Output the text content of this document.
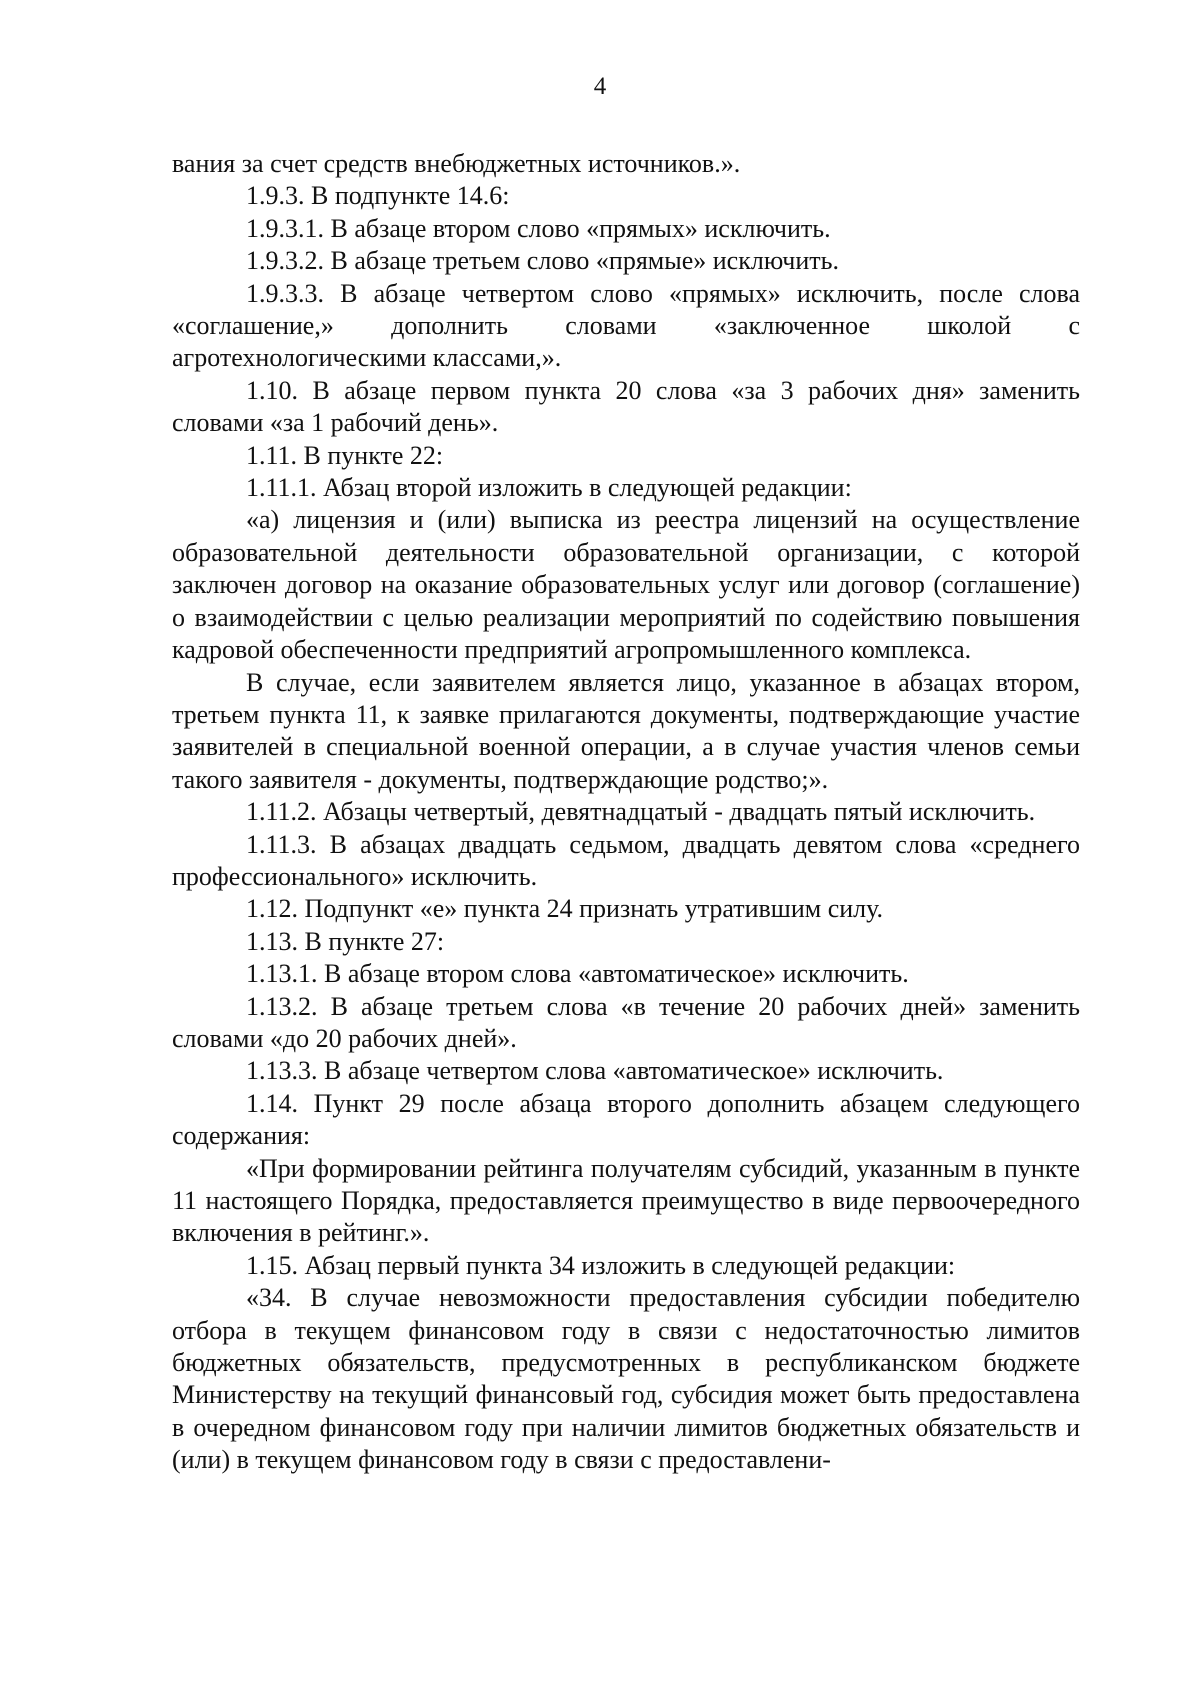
4

вания за счет средств внебюджетных источников.».

1.9.3. В подпункте 14.6:

1.9.3.1. В абзаце втором слово «прямых» исключить.

1.9.3.2. В абзаце третьем слово «прямые» исключить.

1.9.3.3. В абзаце четвертом слово «прямых» исключить, после слова «соглашение,» дополнить словами «заключенное школой с агротехнологическими классами,».

1.10. В абзаце первом пункта 20 слова «за 3 рабочих дня» заменить словами «за 1 рабочий день».

1.11. В пункте 22:

1.11.1. Абзац второй изложить в следующей редакции:

«а) лицензия и (или) выписка из реестра лицензий на осуществление образовательной деятельности образовательной организации, с которой заключен договор на оказание образовательных услуг или договор (соглашение) о взаимодействии с целью реализации мероприятий по содействию повышения кадровой обеспеченности предприятий агропромышленного комплекса.

В случае, если заявителем является лицо, указанное в абзацах втором, третьем пункта 11, к заявке прилагаются документы, подтверждающие участие заявителей в специальной военной операции, а в случае участия членов семьи такого заявителя - документы, подтверждающие родство;».

1.11.2. Абзацы четвертый, девятнадцатый - двадцать пятый исключить.

1.11.3. В абзацах двадцать седьмом, двадцать девятом слова «среднего профессионального» исключить.

1.12. Подпункт «е» пункта 24 признать утратившим силу.

1.13. В пункте 27:

1.13.1. В абзаце втором слова «автоматическое» исключить.

1.13.2. В абзаце третьем слова «в течение 20 рабочих дней» заменить словами «до 20 рабочих дней».

1.13.3. В абзаце четвертом слова «автоматическое» исключить.

1.14. Пункт 29 после абзаца второго дополнить абзацем следующего содержания:

«При формировании рейтинга получателям субсидий, указанным в пункте 11 настоящего Порядка, предоставляется преимущество в виде первоочередного включения в рейтинг.».

1.15. Абзац первый пункта 34 изложить в следующей редакции:

«34. В случае невозможности предоставления субсидии победителю отбора в текущем финансовом году в связи с недостаточностью лимитов бюджетных обязательств, предусмотренных в республиканском бюджете Министерству на текущий финансовый год, субсидия может быть предоставлена в очередном финансовом году при наличии лимитов бюджетных обязательств и (или) в текущем финансовом году в связи с предоставлени-
